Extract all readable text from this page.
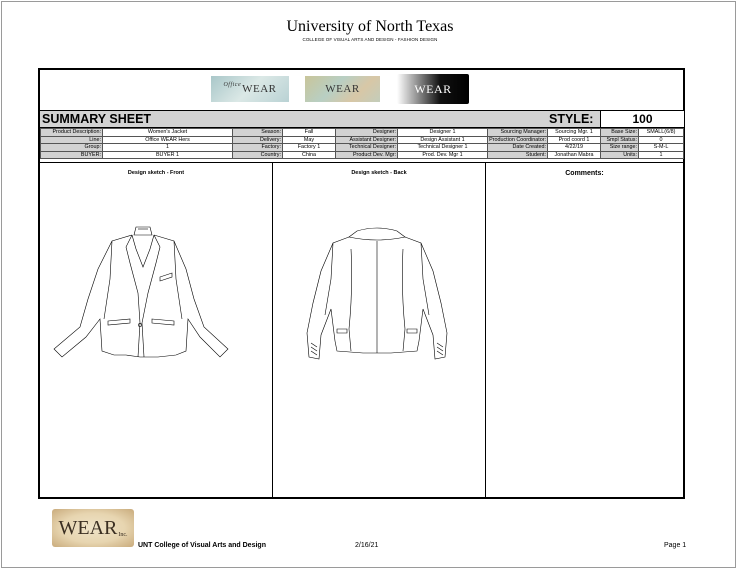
University of North Texas
COLLEGE OF VISUAL ARTS AND DESIGN - FASHION DESIGN
Office WEAR	WEAR	WEAR
SUMMARY SHEET	STYLE:	100
Product Description:	Women's Jacket	Season:	Fall	Designer:	Designer 1	Sourcing Manager:	Sourcing Mgr. 1	Base Size:	SMALL(6/8)
Line:	Office WEAR Hers	Delivery:	May	Assistant Designer:	Design Assistant 1	Production Coordinator:	Prod coord 1	Smpl Status:	0
Group:	1	Factory:	Factory 1	Technical Designer:	Technical Designer 1	Date Created:	4/22/19	Size range:	S-M-L
BUYER:	BUYER 1	Country:	China	Product Dev. Mgr:	Prod. Dev. Mgr 1	Student:	Jonathan Mabra	Units:	1
Design sketch - Front	Design sketch - Back	Comments:
WEAR Inc.
UNT College of Visual Arts and Design	2/16/21	Page 1
